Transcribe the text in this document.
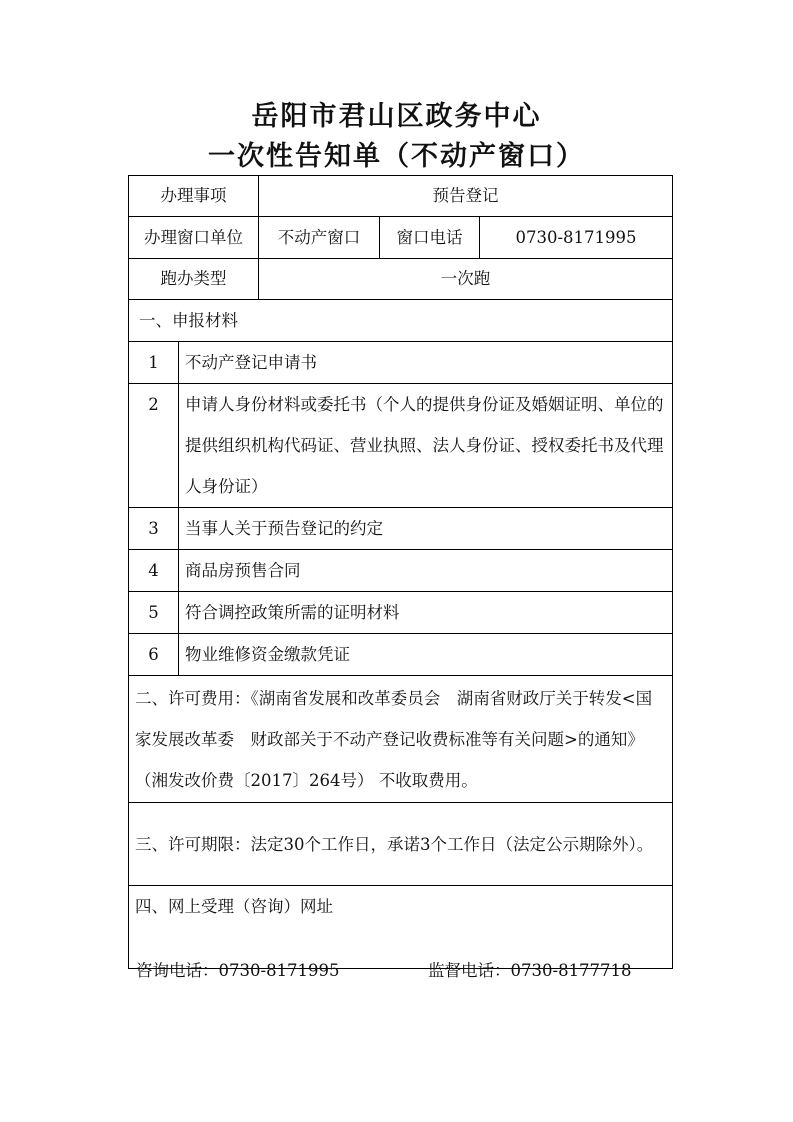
岳阳市君山区政务中心
一次性告知单（不动产窗口）
办理事项		预告登记		
办理窗口单位		不动产窗口	窗口电话	0730-8171995
跑办类型		一次跑		
一、申报材料				
1	不动产登记申请书			
2	申请人身份材料或委托书（个人的提供身份证及婚姻证明、单位的提供组织机构代码证、营业执照、法人身份证、授权委托书及代理人身份证）			
3	当事人关于预告登记的约定			
4	商品房预售合同			
5	符合调控政策所需的证明材料			
6	物业维修资金缴款凭证			
二、许可费用：《湖南省发展和改革委员会　湖南省财政厅关于转发<国家发展改革委　财政部关于不动产登记收费标准等有关问题>的通知》（湘发改价费〔2017〕264号） 不收取费用。				
三、许可期限：法定30个工作日，承诺3个工作日（法定公示期除外）。				
四、网上受理（咨询）网址				
咨询电话：0730-8171995	监督电话：0730-8177718
